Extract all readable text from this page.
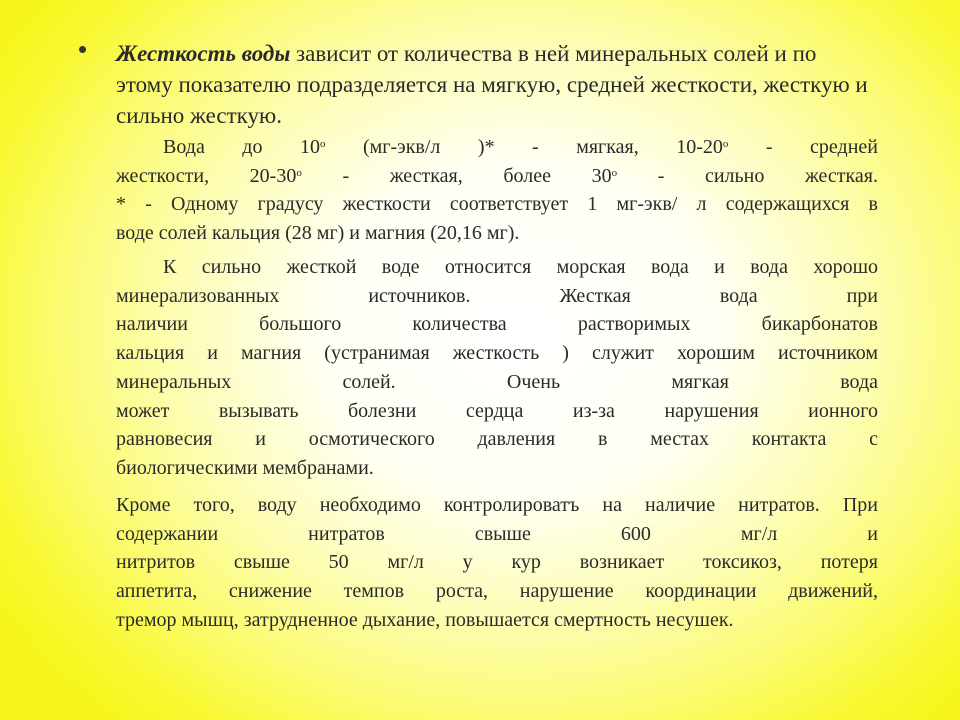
• Жесткость воды зависит от количества в ней минеральных солей и по этому показателю подразделяется на мягкую, средней жесткости, жесткую и сильно жесткую.

Вода до $10^о$ (мг-экв/л )* - мягкая, $10-20^о$ - средней
жесткости, $20-30^о$ - жесткая, более $30^о$ - сильно жесткая.
* - Одному градусу жесткости соответствует 1 мг-экв/ л содержащихся в
воде солей кальция (28 мг) и магния (20,16 мг).
К сильно жесткой воде относится морская вода и вода хорошо
минерализованных источников. Жесткая вода при
наличии большого количества растворимых бикарбонатов
кальция и магния (устранимая жесткость ) служит хорошим источником
минеральных солей. Очень мягкая вода
может вызывать болезни сердца из-за нарушения ионного
равновесия и осмотического давления в местах контакта с
биологическими мембранами.
Кроме того, воду необходимо контролироватъ на наличие нитратов. При
содержании нитратов свыше 600 мг/л и
нитритов свыше 50 мг/л у кур возникает токсикоз, потеря
аппетита, снижение темпов роста, нарушение координации движений,
тремор мышц, затрудненное дыхание, повышается смертность несушек.
